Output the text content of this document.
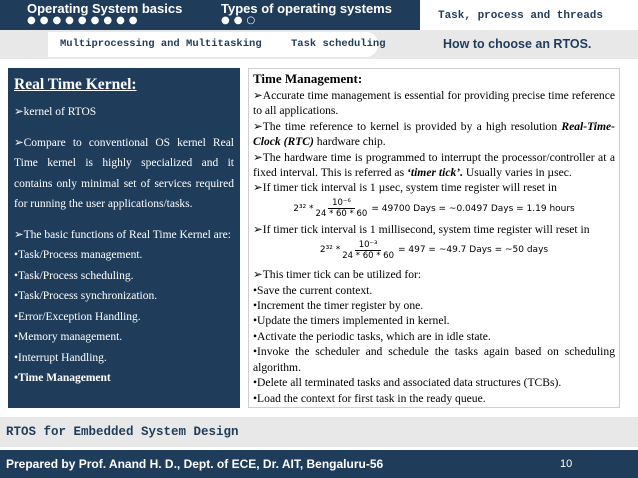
Operating System basics
●●●●●●●●●
Types of operating systems
●●○	Task, process and threads
Multiprocessing and Multitasking	Task scheduling	How to choose an RTOS.
Real Time Kernel:

➢kernel of RTOS

➢Compare to conventional OS kernel Real Time kernel is highly specialized and it contains only minimal set of services required for running the user applications/tasks.

➢The basic functions of Real Time Kernel are:

•Task/Process management.
•Task/Process scheduling.
•Task/Process synchronization.
•Error/Exception Handling.
•Memory management.
•Interrupt Handling.
•Time Management
Time Management:

➢Accurate time management is essential for providing precise time reference to all applications.

➢The time reference to kernel is provided by a high resolution Real-Time-Clock (RTC) hardware chip.

➢The hardware time is programmed to interrupt the processor/controller at a fixed interval. This is referred as ‘timer tick’. Usually varies in µsec.

➢If timer tick interval is 1 µsec, system time register will reset in

$2^{32} * \frac{\text{10⁻⁶}}{24 * 60 * 60} = 49700$ Days = ~0.0497 Days = 1.19 hours

➢If timer tick interval is 1 millisecond, system time register will reset in

$2^{32} * \frac{\text{10⁻³}}{24 * 60 * 60} = 497$ = ~49.7 Days = ~50 days

➢This timer tick can be utilized for:

•Save the current context.

•Increment the timer register by one.

•Update the timers implemented in kernel.

•Activate the periodic tasks, which are in idle state.

•Invoke the scheduler and schedule the tasks again based on scheduling algorithm.

•Delete all terminated tasks and associated data structures (TCBs).

•Load the context for first task in the ready queue.

RTOS for Embedded System Design
Prepared by Prof. Anand H. D., Dept. of ECE, Dr. AIT, Bengaluru-56	10
